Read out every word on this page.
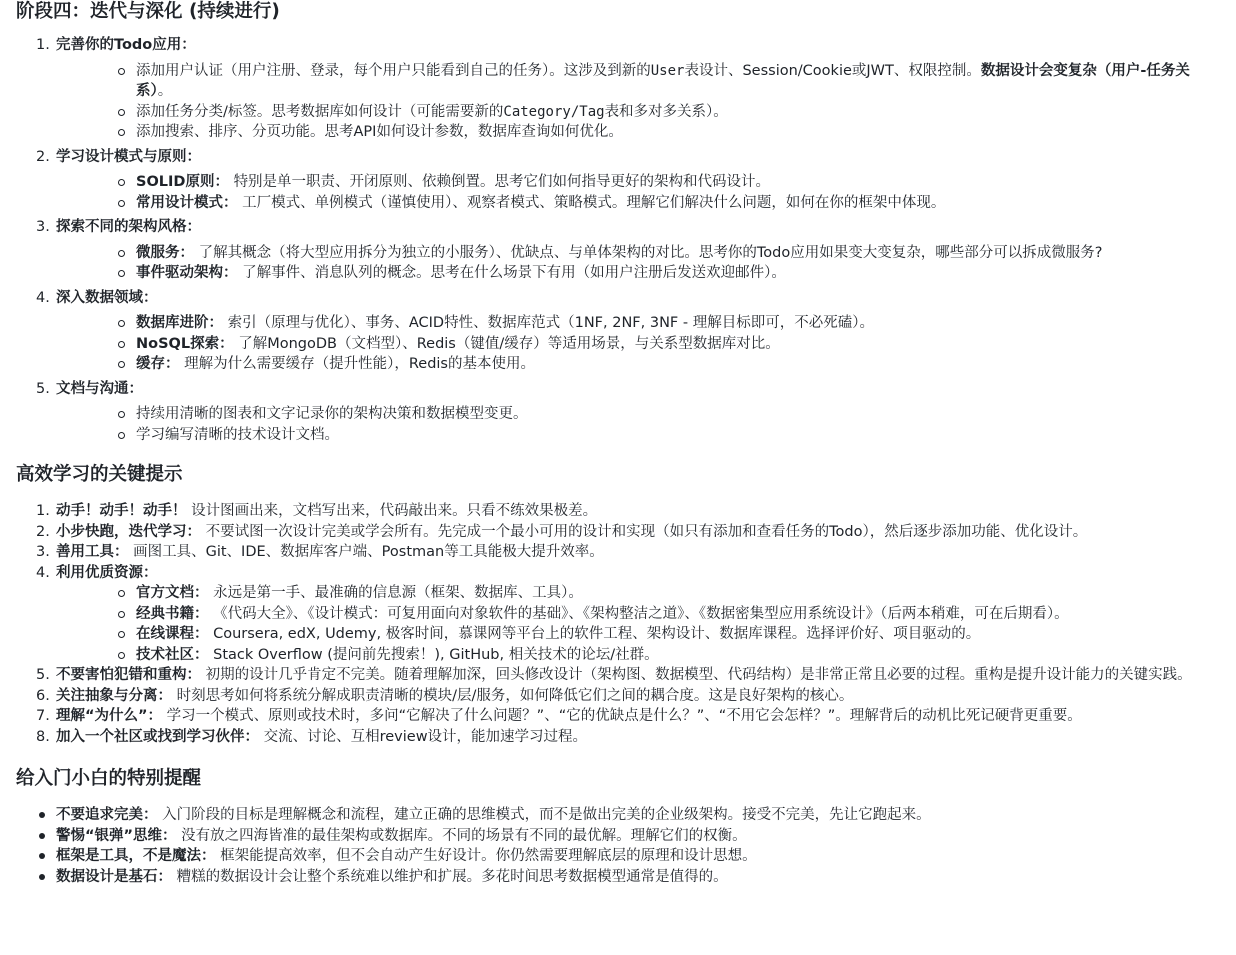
阶段四：迭代与深化 (持续进行)
1. 完善你的Todo应用：
添加用户认证（用户注册、登录，每个用户只能看到自己的任务）。这涉及到新的User表设计、Session/Cookie或JWT、权限控制。数据设计会变复杂（用户-任务关系）。
添加任务分类/标签。思考数据库如何设计（可能需要新的Category/Tag表和多对多关系）。
添加搜索、排序、分页功能。思考API如何设计参数，数据库查询如何优化。
2. 学习设计模式与原则：
SOLID原则： 特别是单一职责、开闭原则、依赖倒置。思考它们如何指导更好的架构和代码设计。
常用设计模式： 工厂模式、单例模式（谨慎使用）、观察者模式、策略模式。理解它们解决什么问题，如何在你的框架中体现。
3. 探索不同的架构风格：
微服务： 了解其概念（将大型应用拆分为独立的小服务）、优缺点、与单体架构的对比。思考你的Todo应用如果变大变复杂，哪些部分可以拆成微服务?
事件驱动架构： 了解事件、消息队列的概念。思考在什么场景下有用（如用户注册后发送欢迎邮件）。
4. 深入数据领域：
数据库进阶： 索引（原理与优化）、事务、ACID特性、数据库范式（1NF, 2NF, 3NF - 理解目标即可，不必死磕）。
NoSQL探索： 了解MongoDB（文档型）、Redis（键值/缓存）等适用场景，与关系型数据库对比。
缓存： 理解为什么需要缓存（提升性能），Redis的基本使用。
5. 文档与沟通：
持续用清晰的图表和文字记录你的架构决策和数据模型变更。
学习编写清晰的技术设计文档。
高效学习的关键提示
1. 动手！动手！动手！ 设计图画出来，文档写出来，代码敲出来。只看不练效果极差。
2. 小步快跑，迭代学习： 不要试图一次设计完美或学会所有。先完成一个最小可用的设计和实现（如只有添加和查看任务的Todo），然后逐步添加功能、优化设计。
3. 善用工具： 画图工具、Git、IDE、数据库客户端、Postman等工具能极大提升效率。
4. 利用优质资源：
官方文档： 永远是第一手、最准确的信息源（框架、数据库、工具）。
经典书籍： 《代码大全》、《设计模式：可复用面向对象软件的基础》、《架构整洁之道》、《数据密集型应用系统设计》（后两本稍难，可在后期看）。
在线课程： Coursera, edX, Udemy, 极客时间，慕课网等平台上的软件工程、架构设计、数据库课程。选择评价好、项目驱动的。
技术社区： Stack Overflow (提问前先搜索！), GitHub, 相关技术的论坛/社群。
5. 不要害怕犯错和重构： 初期的设计几乎肯定不完美。随着理解加深，回头修改设计（架构图、数据模型、代码结构）是非常正常且必要的过程。重构是提升设计能力的关键实践。
6. 关注抽象与分离： 时刻思考如何将系统分解成职责清晰的模块/层/服务，如何降低它们之间的耦合度。这是良好架构的核心。
7. 理解“为什么”： 学习一个模式、原则或技术时，多问“它解决了什么问题？”、“它的优缺点是什么？”、“不用它会怎样？”。理解背后的动机比死记硬背更重要。
8. 加入一个社区或找到学习伙伴： 交流、讨论、互相review设计，能加速学习过程。
给入门小白的特别提醒
不要追求完美： 入门阶段的目标是理解概念和流程，建立正确的思维模式，而不是做出完美的企业级架构。接受不完美，先让它跑起来。
警惕“银弹”思维： 没有放之四海皆准的最佳架构或数据库。不同的场景有不同的最优解。理解它们的权衡。
框架是工具，不是魔法： 框架能提高效率，但不会自动产生好设计。你仍然需要理解底层的原理和设计思想。
数据设计是基石： 糟糕的数据设计会让整个系统难以维护和扩展。多花时间思考数据模型通常是值得的。
